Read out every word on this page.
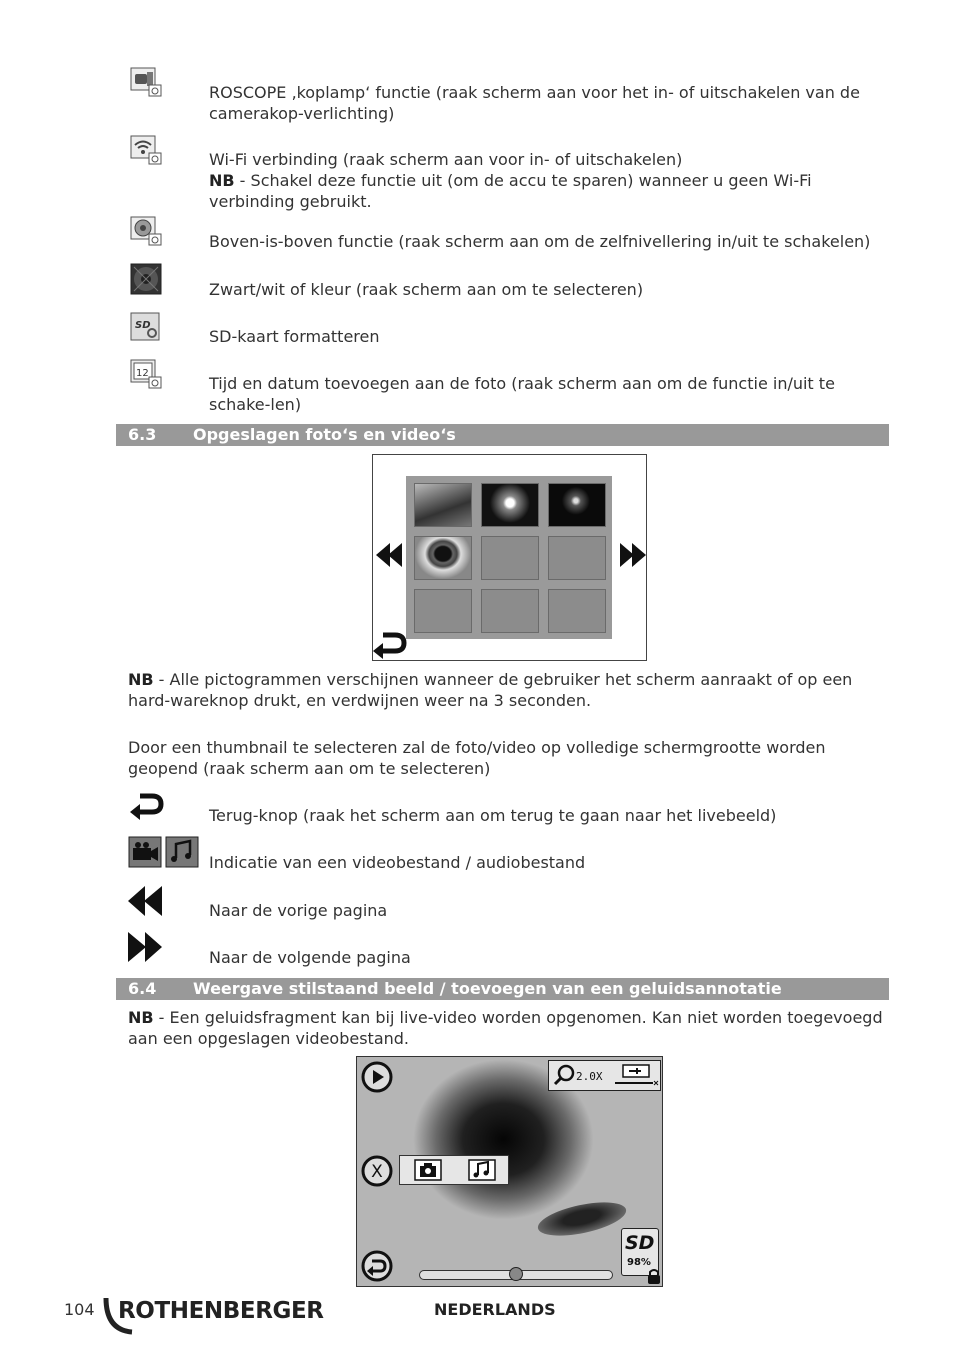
ROSCOPE ‚koplamp‘ functie (raak scherm aan voor het in- of uitschakelen van de camerakop-verlichting)
Wi-Fi verbinding (raak scherm aan voor in- of uitschakelen)
NB - Schakel deze functie uit (om de accu te sparen) wanneer u geen Wi-Fi verbinding gebruikt.
Boven-is-boven functie (raak scherm aan om de zelfnivellering in/uit te schakelen)
Zwart/wit of kleur (raak scherm aan om te selecteren)
SD
SD-kaart formatteren
12
Tijd en datum toevoegen aan de foto (raak scherm aan om de functie in/uit te schake-len)
6.3 Opgeslagen foto‘s en video‘s
NB - Alle pictogrammen verschijnen wanneer de gebruiker het scherm aanraakt of op een hard-wareknop drukt, en verdwijnen weer na 3 seconden.
Door een thumbnail te selecteren zal de foto/video op volledige schermgrootte worden geopend (raak scherm aan om te selecteren)
Terug-knop (raak het scherm aan om terug te gaan naar het livebeeld)
Indicatie van een videobestand / audiobestand
Naar de vorige pagina
Naar de volgende pagina
6.4 Weergave stilstaand beeld / toevoegen van een geluidsannotatie
NB - Een geluidsfragment kan bij live-video worden opgenomen. Kan niet worden toegevoegd aan een opgeslagen videobestand.
2.0X
X
SD
98%
104 ROTHENBERGER	NEDERLANDS
